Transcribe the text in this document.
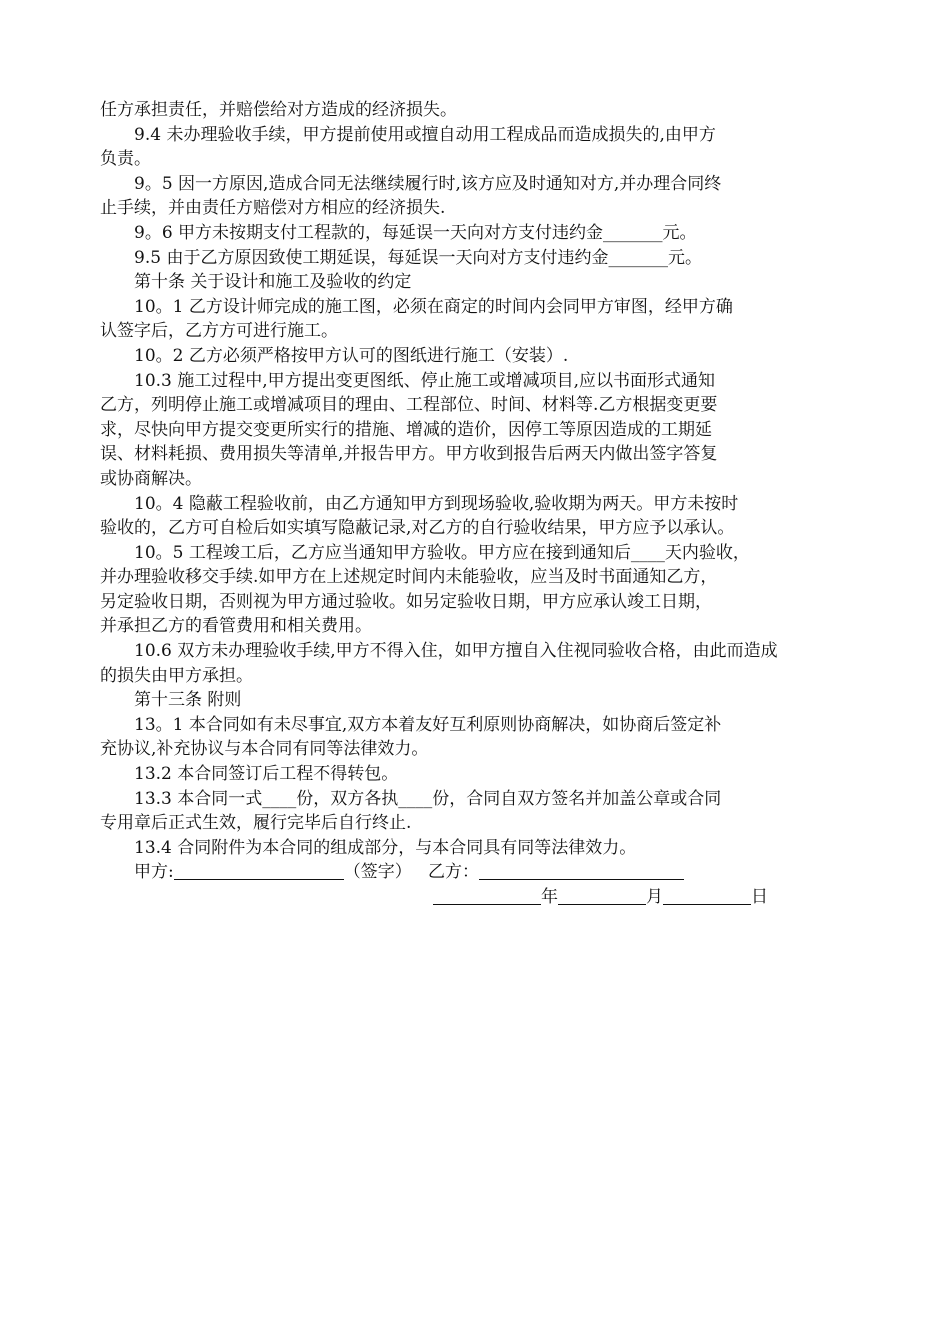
任方承担责任，并赔偿给对方造成的经济损失。
9.4 未办理验收手续，甲方提前使用或擅自动用工程成品而造成损失的,由甲方
负责。
9。5 因一方原因,造成合同无法继续履行时,该方应及时通知对方,并办理合同终
止手续，并由责任方赔偿对方相应的经济损失.
9。6 甲方未按期支付工程款的，每延误一天向对方支付违约金_______元。
9.5 由于乙方原因致使工期延误，每延误一天向对方支付违约金_______元。
第十条 关于设计和施工及验收的约定
10。1 乙方设计师完成的施工图，必须在商定的时间内会同甲方审图，经甲方确
认签字后，乙方方可进行施工。
10。2 乙方必须严格按甲方认可的图纸进行施工（安装）.
10.3 施工过程中,甲方提出变更图纸、停止施工或增减项目,应以书面形式通知
乙方，列明停止施工或增减项目的理由、工程部位、时间、材料等.乙方根据变更要
求，尽快向甲方提交变更所实行的措施、增减的造价，因停工等原因造成的工期延
误、材料耗损、费用损失等清单,并报告甲方。甲方收到报告后两天内做出签字答复
或协商解决。
10。4 隐蔽工程验收前，由乙方通知甲方到现场验收,验收期为两天。甲方未按时
验收的，乙方可自检后如实填写隐蔽记录,对乙方的自行验收结果，甲方应予以承认。
10。5 工程竣工后，乙方应当通知甲方验收。甲方应在接到通知后____天内验收，
并办理验收移交手续.如甲方在上述规定时间内未能验收，应当及时书面通知乙方，
另定验收日期，否则视为甲方通过验收。如另定验收日期，甲方应承认竣工日期，
并承担乙方的看管费用和相关费用。
10.6 双方未办理验收手续,甲方不得入住，如甲方擅自入住视同验收合格，由此而造成
的损失由甲方承担。
第十三条 附则
13。1 本合同如有未尽事宜,双方本着友好互利原则协商解决，如协商后签定补
充协议,补充协议与本合同有同等法律效力。
13.2 本合同签订后工程不得转包。
13.3 本合同一式____份，双方各执____份，合同自双方签名并加盖公章或合同
专用章后正式生效，履行完毕后自行终止.
13.4 合同附件为本合同的组成部分，与本合同具有同等法律效力。
甲方:	（签字） 乙方：
年	月	日
